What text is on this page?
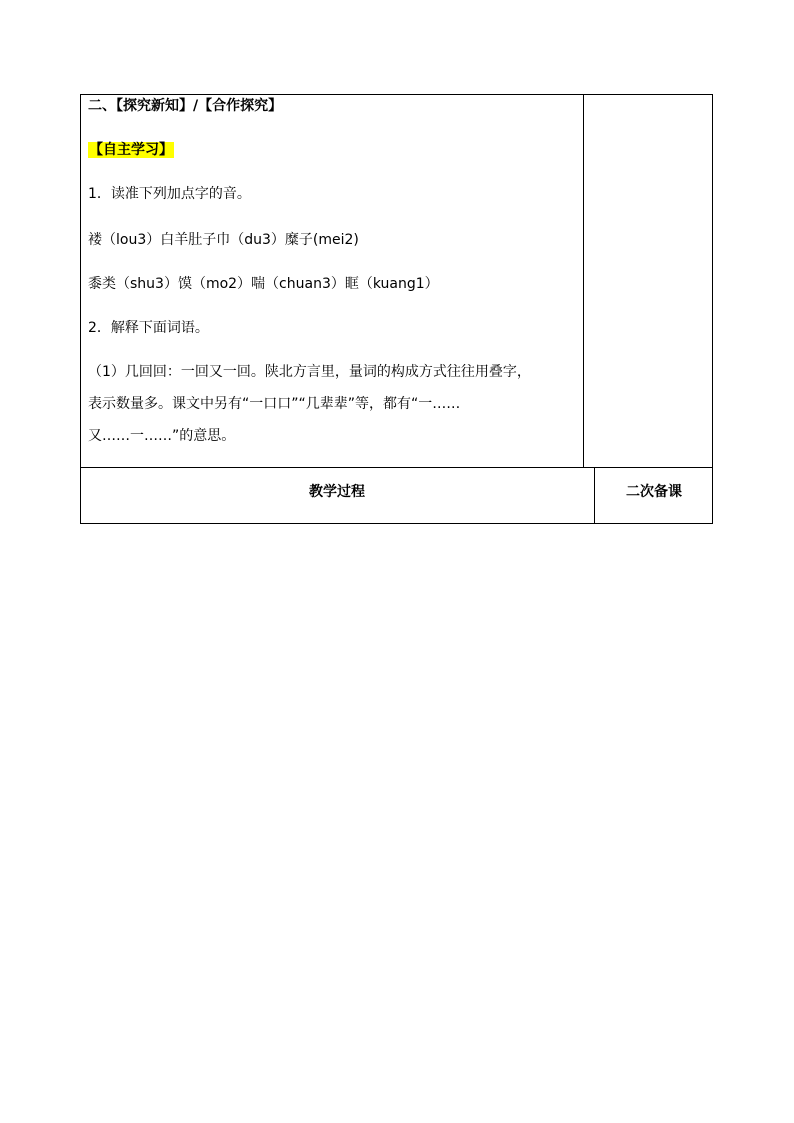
二、【探究新知】/【合作探究】
【自主学习】
1．读准下列加点字的音。
褛（lou3）白羊肚子巾（du3）糜子(mei2)
黍类（shu3）馍（mo2）喘（chuan3）眶（kuang1）
2．解释下面词语。
（1）几回回：一回又一回。陕北方言里，量词的构成方式往往用叠字，
表示数量多。课文中另有“一口口”“几辈辈”等，都有“一……
又……一……”的意思。
教学过程	二次备课
